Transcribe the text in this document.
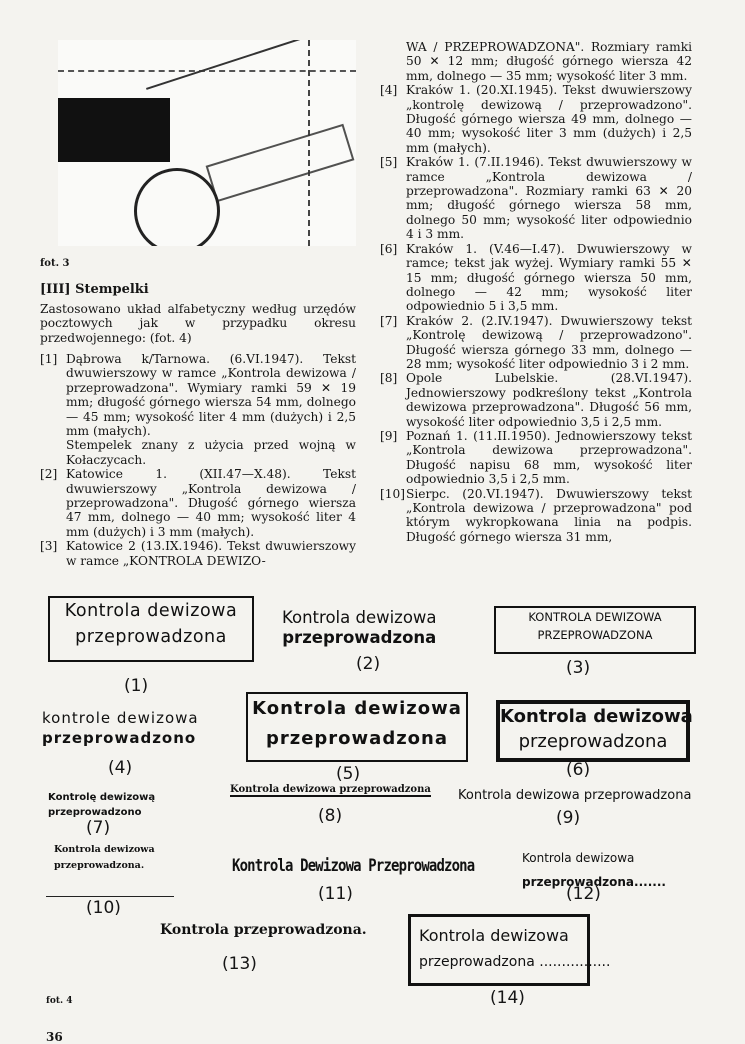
fot. 3
[III] Stempelki
Zastosowano układ alfabetyczny według urzędów pocztowych jak w przypadku okresu przedwojennego: (fot. 4)
[1] Dąbrowa k/Tarnowa. (6.VI.1947). Tekst dwuwierszowy w ramce „Kontrola dewizowa / przeprowadzona". Wymiary ramki 59 ✕ 19 mm; długość górnego wiersza 54 mm, dolnego — 45 mm; wysokość liter 4 mm (dużych) i 2,5 mm (małych).
Stempelek znany z użycia przed wojną w Kołaczycach.
[2] Katowice 1. (XII.47—X.48). Tekst dwuwierszowy „Kontrola dewizowa / przeprowadzona". Długość górnego wiersza 47 mm, dolnego — 40 mm; wysokość liter 4 mm (dużych) i 3 mm (małych).
[3] Katowice 2 (13.IX.1946). Tekst dwuwierszowy w ramce „KONTROLA DEWIZO-
WA / PRZEPROWADZONA". Rozmiary ramki 50 ✕ 12 mm; długość górnego wiersza 42 mm, dolnego — 35 mm; wysokość liter 3 mm.
[4] Kraków 1. (20.XI.1945). Tekst dwuwierszowy „kontrolę dewizową / przeprowadzono". Długość górnego wiersza 49 mm, dolnego — 40 mm; wysokość liter 3 mm (dużych) i 2,5 mm (małych).
[5] Kraków 1. (7.II.1946). Tekst dwuwierszowy w ramce „Kontrola dewizowa / przeprowadzona". Rozmiary ramki 63 ✕ 20 mm; długość górnego wiersza 58 mm, dolnego 50 mm; wysokość liter odpowiednio 4 i 3 mm.
[6] Kraków 1. (V.46—I.47). Dwuwierszowy w ramce; tekst jak wyżej. Wymiary ramki 55 ✕ 15 mm; długość górnego wiersza 50 mm, dolnego — 42 mm; wysokość liter odpowiednio 5 i 3,5 mm.
[7] Kraków 2. (2.IV.1947). Dwuwierszowy tekst „Kontrolę dewizową / przeprowadzono". Długość wiersza górnego 33 mm, dolnego — 28 mm; wysokość liter odpowiednio 3 i 2 mm.
[8] Opole Lubelskie. (28.VI.1947). Jednowierszowy podkreślony tekst „Kontrola dewizowa przeprowadzona". Długość 56 mm, wysokość liter odpowiednio 3,5 i 2,5 mm.
[9] Poznań 1. (11.II.1950). Jednowierszowy tekst „Kontrola dewizowa przeprowadzona". Długość napisu 68 mm, wysokość liter odpowiednio 3,5 i 2,5 mm.
[10] Sierpc. (20.VI.1947). Dwuwierszowy tekst „Kontrola dewizowa / przeprowadzona" pod którym wykropkowana linia na podpis. Długość górnego wiersza 31 mm,
Kontrola dewizowa
przeprowadzona
(1)
Kontrola dewizowa
przeprowadzona
(2)
KONTROLA DEWIZOWA
PRZEPROWADZONA
(3)
kontrole dewizowa
przeprowadzono
(4)
Kontrola dewizowa
przeprowadzona
(5)
Kontrola dewizowa
przeprowadzona
(6)
Kontrolę dewizową
przeprowadzono
(7)
Kontrola dewizowa przeprowadzona
(8)
Kontrola dewizowa przeprowadzona
(9)
Kontrola dewizowa
przeprowadzona.
(10)
Kontrola Dewizowa Przeprowadzona
(11)
Kontrola dewizowa
przeprowadzona.......
(12)
Kontrola przeprowadzona.
(13)
Kontrola dewizowa
przeprowadzona ................
(14)
fot. 4
36
